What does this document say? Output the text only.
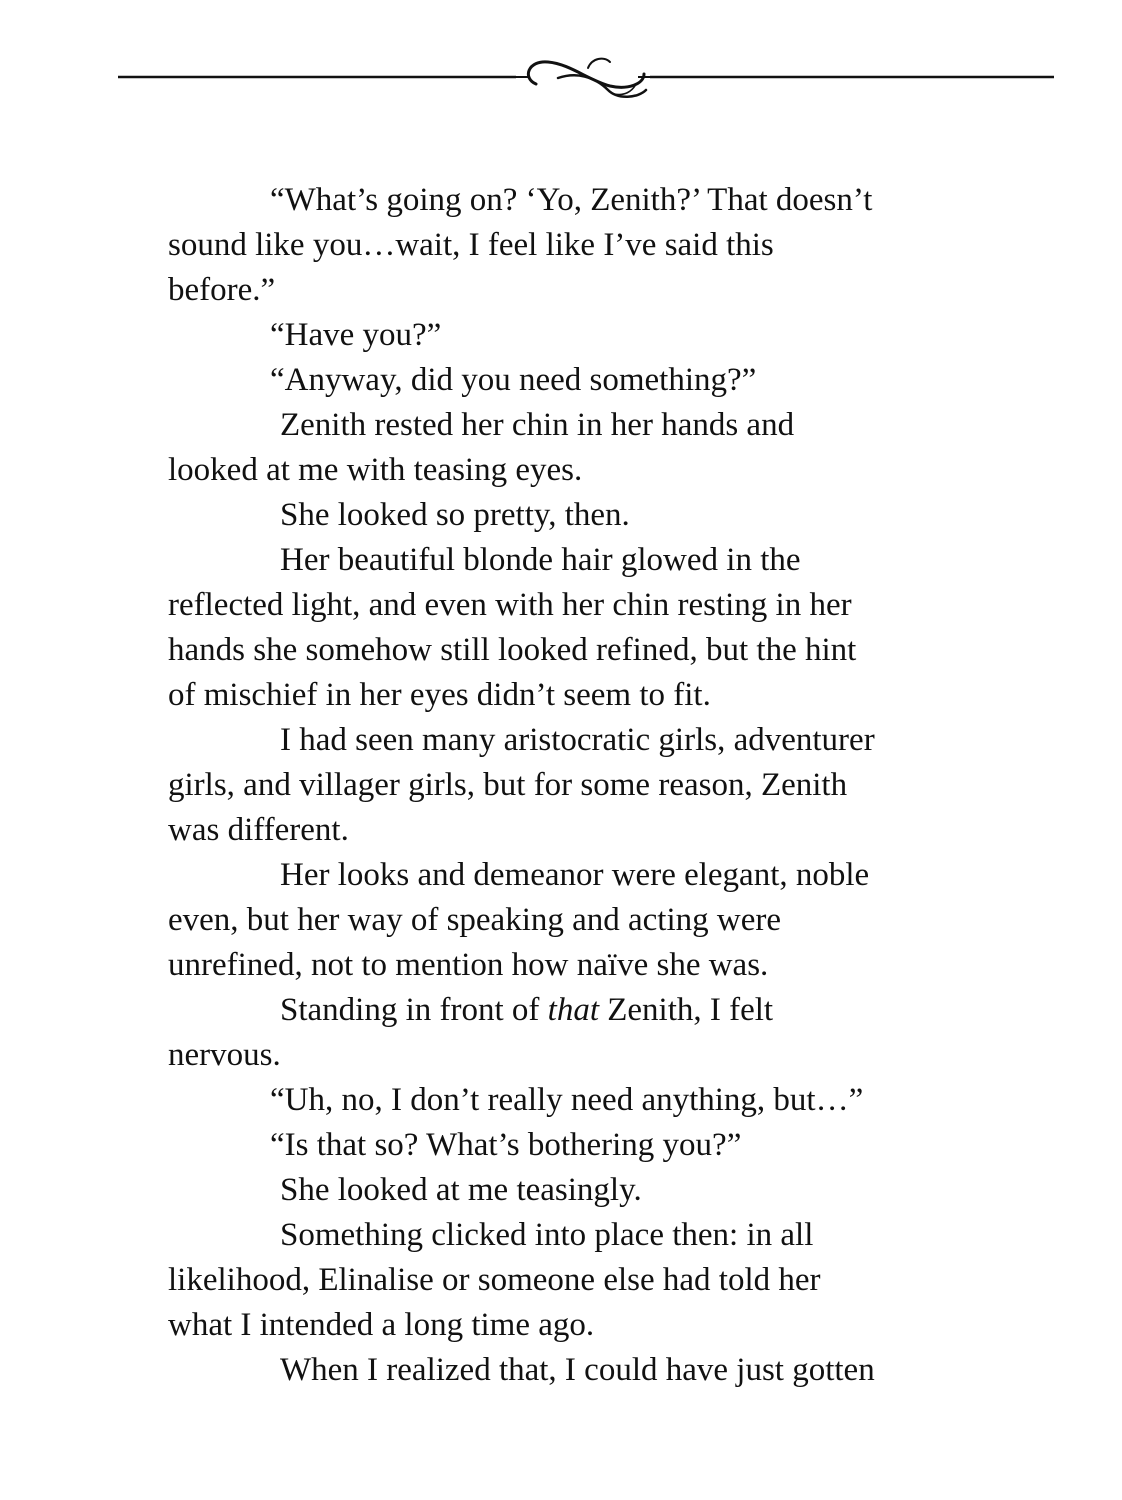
“What’s going on? ‘Yo, Zenith?’ That doesn’t
sound like you…wait, I feel like I’ve said this
before.”

“Have you?”

“Anyway, did you need something?”

Zenith rested her chin in her hands and
looked at me with teasing eyes.

She looked so pretty, then.

Her beautiful blonde hair glowed in the
reflected light, and even with her chin resting in her
hands she somehow still looked refined, but the hint
of mischief in her eyes didn’t seem to fit.

I had seen many aristocratic girls, adventurer
girls, and villager girls, but for some reason, Zenith
was different.

Her looks and demeanor were elegant, noble
even, but her way of speaking and acting were
unrefined, not to mention how naïve she was.

Standing in front of that Zenith, I felt
nervous.

“Uh, no, I don’t really need anything, but…”

“Is that so? What’s bothering you?”

She looked at me teasingly.

Something clicked into place then: in all
likelihood, Elinalise or someone else had told her
what I intended a long time ago.

When I realized that, I could have just gotten
